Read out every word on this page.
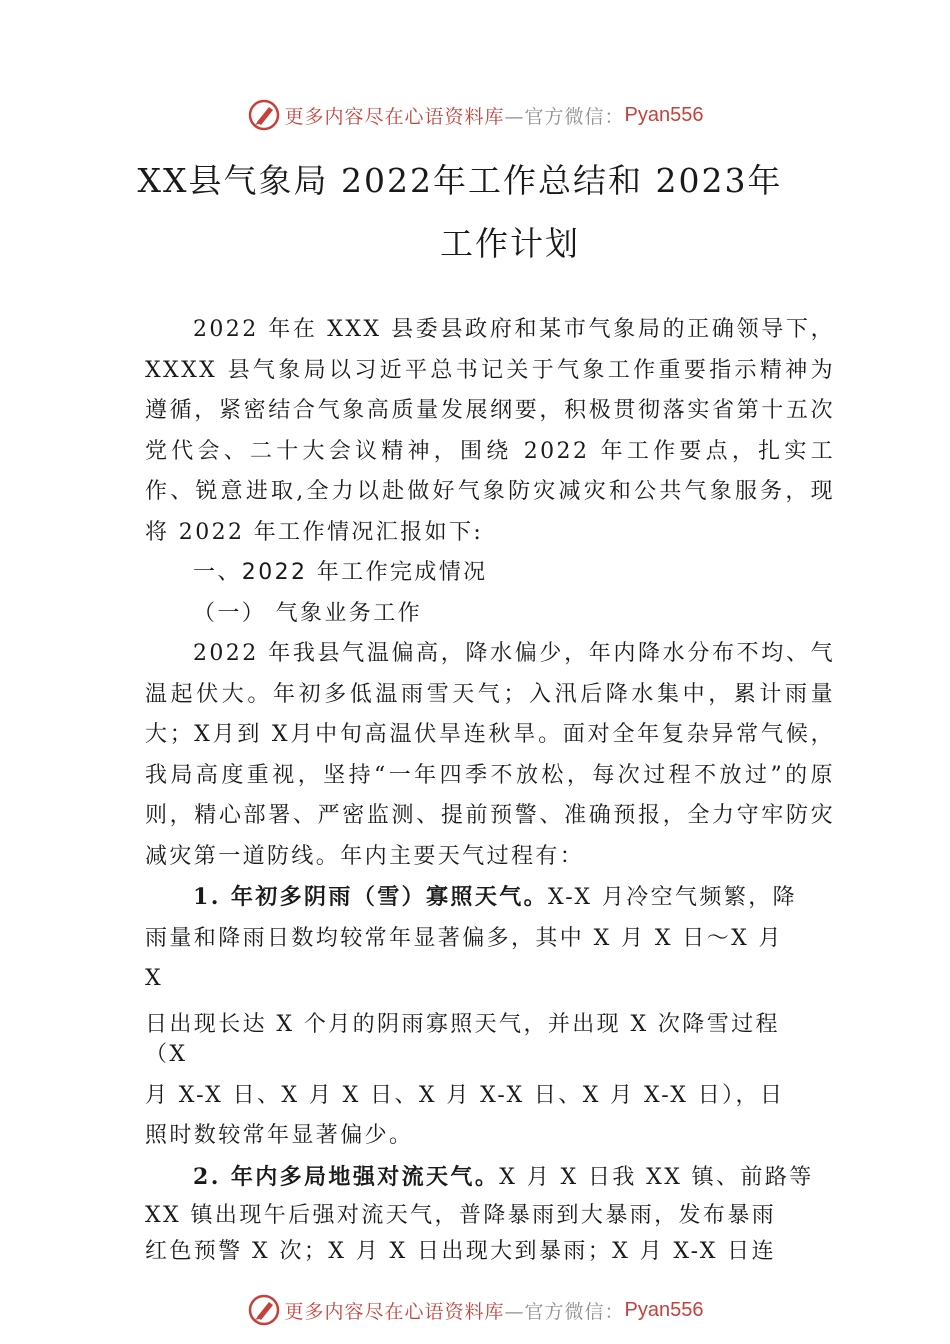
更多内容尽在心语资料库 —官方微信： Pyan556
XX县气象局 2022年工作总结和 2023年
工作计划

2022 年在 XXX 县委县政府和某市气象局的正确领导下， XXXX 县气象局以习近平总书记关于气象工作重要指示精神为遵循，紧密结合气象高质量发展纲要，积极贯彻落实省第十五次党代会、二十大会议精神，围绕 2022 年工作要点，扎实工作、锐意进取,全力以赴做好气象防灾减灾和公共气象服务，现将 2022 年工作情况汇报如下:

一、2022 年工作完成情况

（一） 气象业务工作

2022 年我县气温偏高，降水偏少，年内降水分布不均、气温起伏大。年初多低温雨雪天气；入汛后降水集中，累计雨量大；X月到 X月中旬高温伏旱连秋旱。面对全年复杂异常气候，我局高度重视，坚持“一年四季不放松，每次过程不放过”的原则，精心部署、严密监测、提前预警、准确预报，全力守牢防灾减灾第一道防线。年内主要天气过程有：

1. 年初多阴雨（雪）寡照天气。X-X 月冷空气频繁，降

雨量和降雨日数均较常年显著偏多，其中 X 月 X 日～X 月

X

日出现长达 X 个月的阴雨寡照天气，并出现 X 次降雪过程

（X

月 X-X 日、X 月 X 日、X 月 X-X 日、X 月 X-X 日），日

照时数较常年显著偏少。

2. 年内多局地强对流天气。X 月 X 日我 XX 镇、前路等

XX 镇出现午后强对流天气，普降暴雨到大暴雨，发布暴雨

红色预警 X 次；X 月 X 日出现大到暴雨；X 月 X-X 日连

更多内容尽在心语资料库 —官方微信： Pyan556
